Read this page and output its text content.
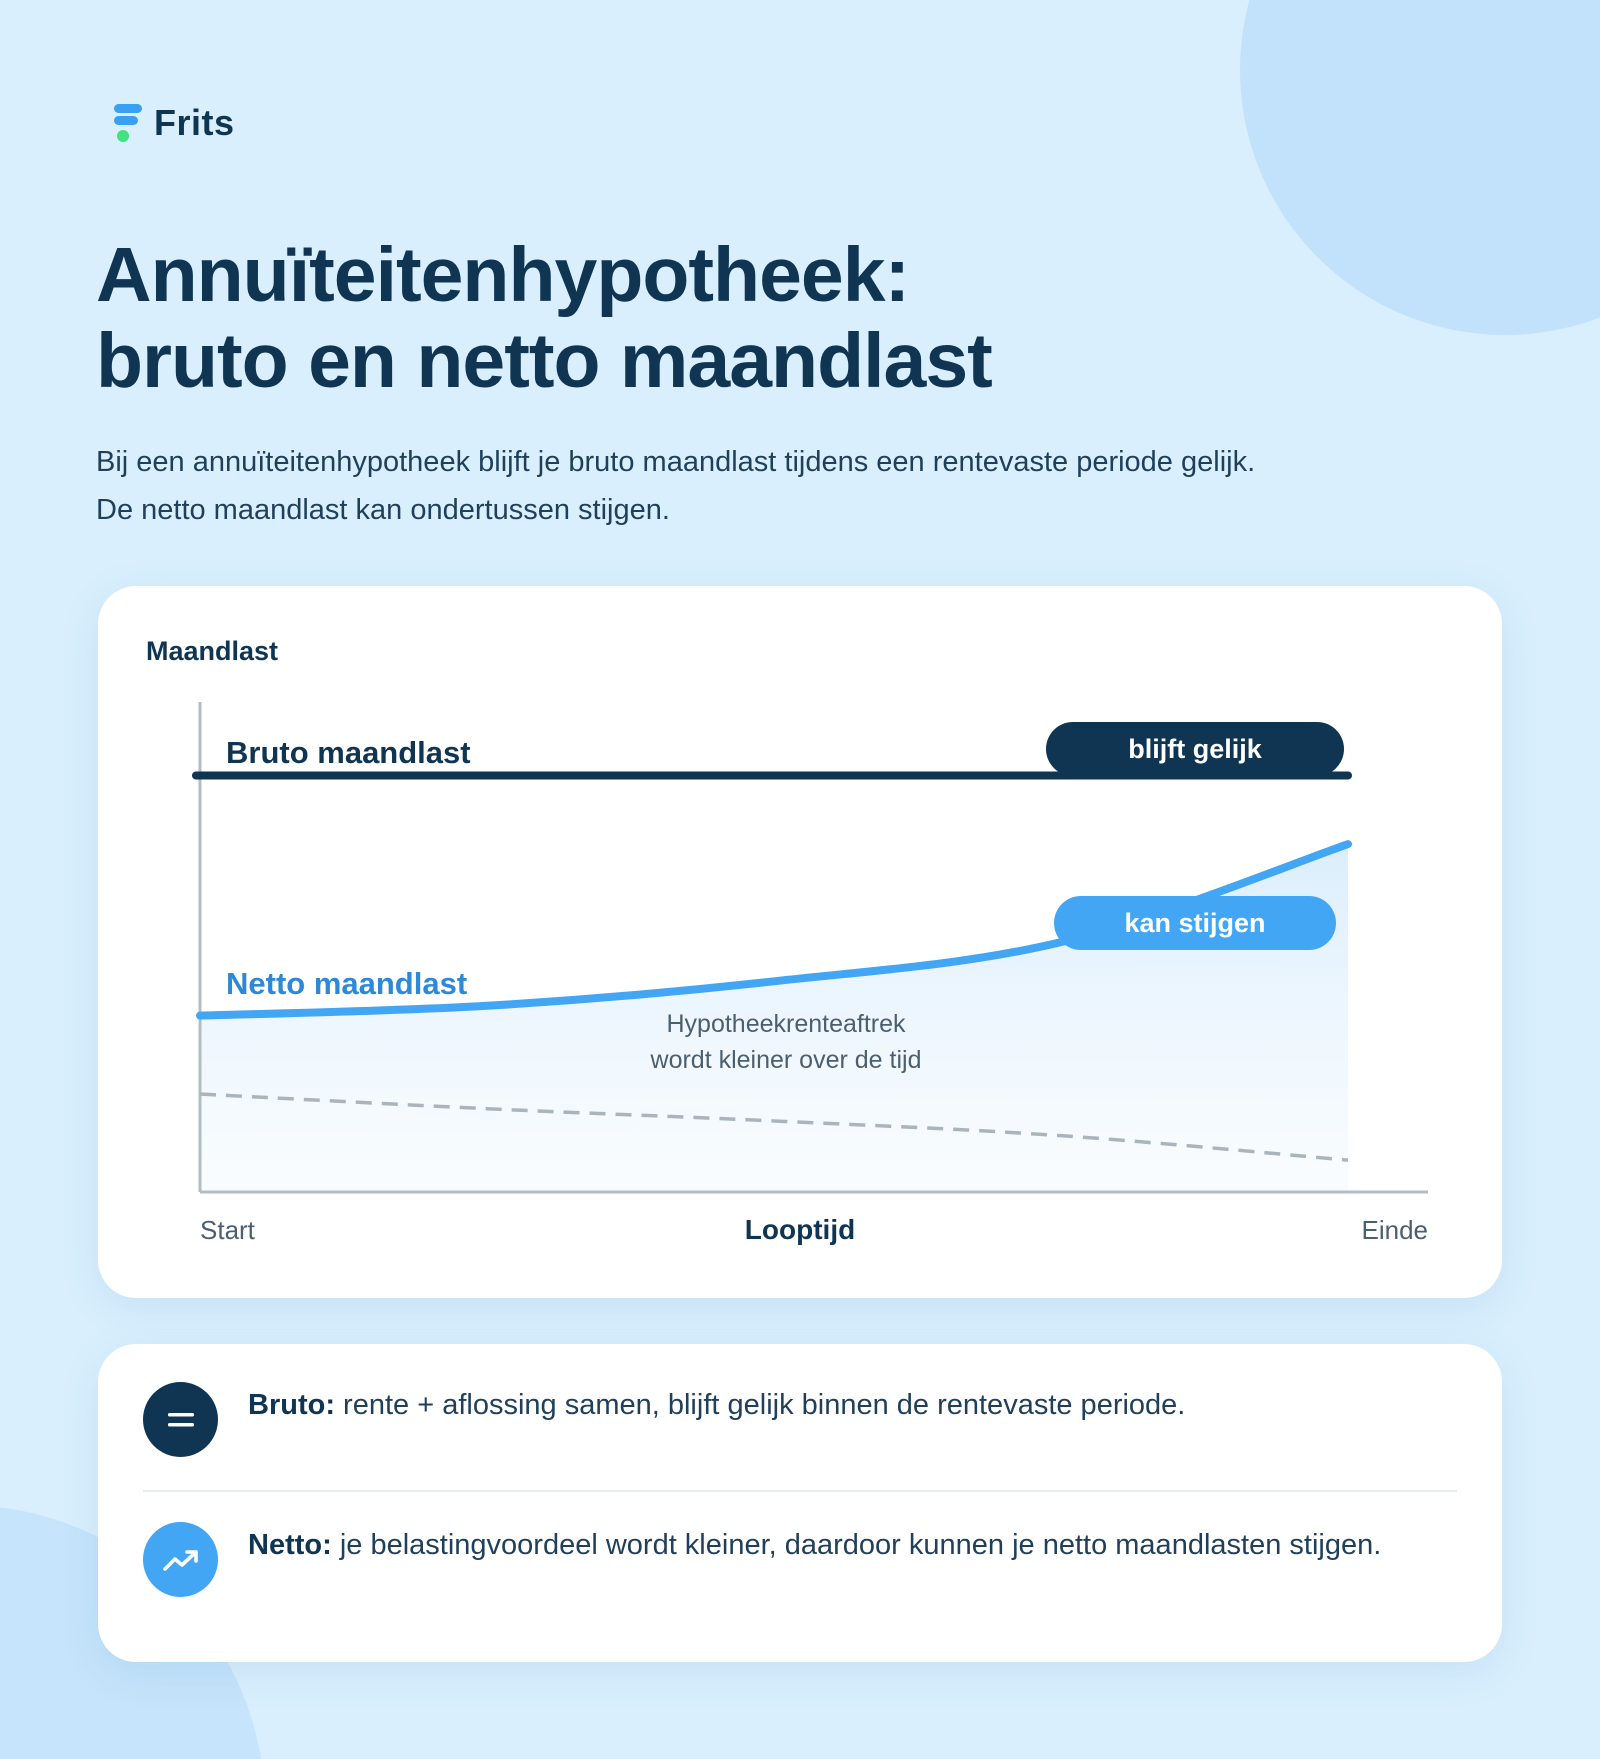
Frits
Annuïteitenhypotheek:
bruto en netto maandlast

Bij een annuïteitenhypotheek blijft je bruto maandlast tijdens een rentevaste periode gelijk.
De netto maandlast kan ondertussen stijgen.

Maandlast
Bruto maandlast
Netto maandlast
blijft gelijk
kan stijgen
Hypotheekrenteaftrek
wordt kleiner over de tijd
Start	Looptijd	Einde
Bruto: rente + aflossing samen, blijft gelijk binnen de rentevaste periode.
Netto: je belastingvoordeel wordt kleiner, daardoor kunnen je netto maandlasten stijgen.
